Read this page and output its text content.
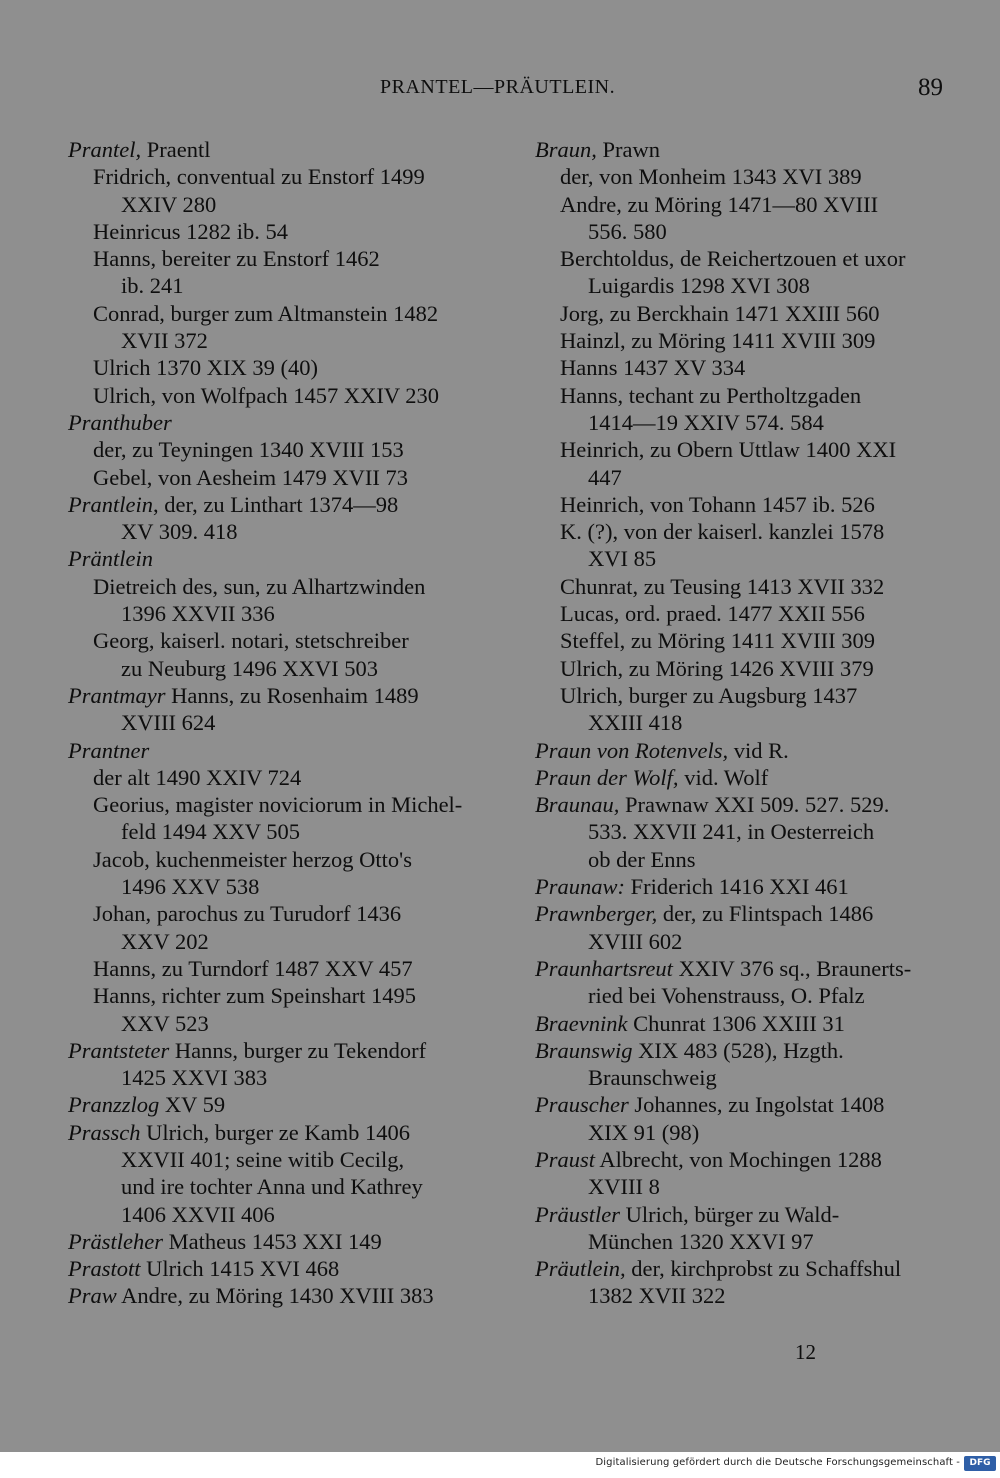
PRANTEL—PRÄUTLEIN.	89
Prantel, Praentl
Fridrich, conventual zu Enstorf 1499
XXIV 280
Heinricus 1282 ib. 54
Hanns, bereiter zu Enstorf 1462
ib. 241
Conrad, burger zum Altmanstein 1482
XVII 372
Ulrich 1370 XIX 39 (40)
Ulrich, von Wolfpach 1457 XXIV 230
Pranthuber
der, zu Teyningen 1340 XVIII 153
Gebel, von Aesheim 1479 XVII 73
Prantlein, der, zu Linthart 1374—98
XV 309. 418
Präntlein
Dietreich des, sun, zu Alhartzwinden
1396 XXVII 336
Georg, kaiserl. notari, stetschreiber
zu Neuburg 1496 XXVI 503
Prantmayr Hanns, zu Rosenhaim 1489
XVIII 624
Prantner
der alt 1490 XXIV 724
Georius, magister noviciorum in Michel-
feld 1494 XXV 505
Jacob, kuchenmeister herzog Otto's
1496 XXV 538
Johan, parochus zu Turudorf 1436
XXV 202
Hanns, zu Turndorf 1487 XXV 457
Hanns, richter zum Speinshart 1495
XXV 523
Prantsteter Hanns, burger zu Tekendorf
1425 XXVI 383
Pranzzlog XV 59
Prassch Ulrich, burger ze Kamb 1406
XXVII 401; seine witib Cecilg,
und ire tochter Anna und Kathrey
1406 XXVII 406
Prästleher Matheus 1453 XXI 149
Prastott Ulrich 1415 XVI 468
Praw Andre, zu Möring 1430 XVIII 383
Braun, Prawn
der, von Monheim 1343 XVI 389
Andre, zu Möring 1471—80 XVIII
556. 580
Berchtoldus, de Reichertzouen et uxor
Luigardis 1298 XVI 308
Jorg, zu Berckhain 1471 XXIII 560
Hainzl, zu Möring 1411 XVIII 309
Hanns 1437 XV 334
Hanns, techant zu Pertholtzgaden
1414—19 XXIV 574. 584
Heinrich, zu Obern Uttlaw 1400 XXI
447
Heinrich, von Tohann 1457 ib. 526
K. (?), von der kaiserl. kanzlei 1578
XVI 85
Chunrat, zu Teusing 1413 XVII 332
Lucas, ord. praed. 1477 XXII 556
Steffel, zu Möring 1411 XVIII 309
Ulrich, zu Möring 1426 XVIII 379
Ulrich, burger zu Augsburg 1437
XXIII 418
Praun von Rotenvels, vid R.
Praun der Wolf, vid. Wolf
Braunau, Prawnaw XXI 509. 527. 529.
533. XXVII 241, in Oesterreich
ob der Enns
Praunaw: Friderich 1416 XXI 461
Prawnberger, der, zu Flintspach 1486
XVIII 602
Praunhartsreut XXIV 376 sq., Braunerts-
ried bei Vohenstrauss, O. Pfalz
Braevnink Chunrat 1306 XXIII 31
Braunswig XIX 483 (528), Hzgth.
Braunschweig
Prauscher Johannes, zu Ingolstat 1408
XIX 91 (98)
Praust Albrecht, von Mochingen 1288
XVIII 8
Präustler Ulrich, bürger zu Wald-
München 1320 XXVI 97
Präutlein, der, kirchprobst zu Schaffshul
1382 XVII 322
12
Digitalisierung gefördert durch die Deutsche Forschungsgemeinschaft -	DFG
